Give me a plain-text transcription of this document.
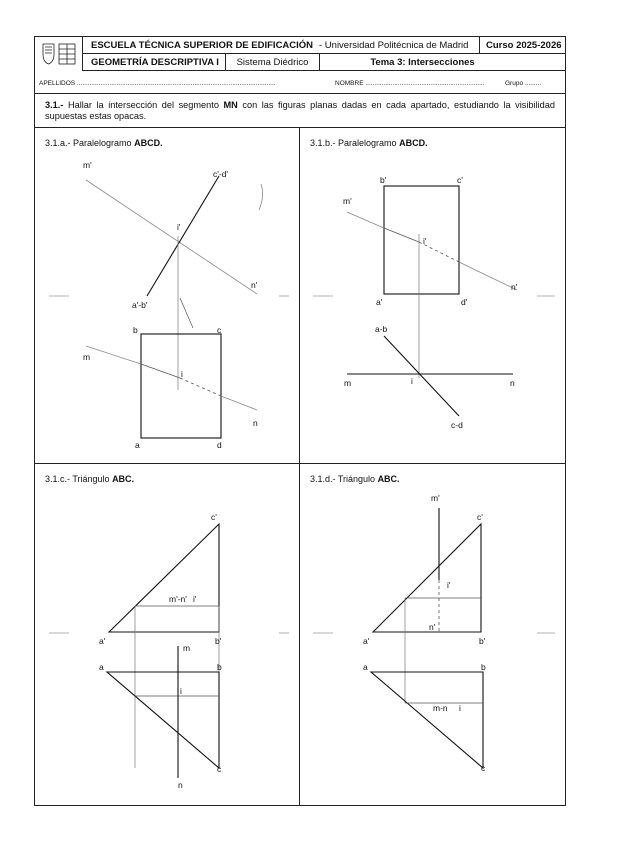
ESCUELA TÉCNICA SUPERIOR DE EDIFICACIÓN - Universidad Politécnica de Madrid	Curso 2025-2026
GEOMETRÍA DESCRIPTIVA I	Sistema Diédrico	Tema 3: Intersecciones
APELLIDOS ..............................................................................................................	NOMBRE ..................................................................	Grupo .........
3.1.- Hallar la intersección del segmento MN con las figuras planas dadas en cada apartado, estudiando la visibilidad supuestas estas opacas.
3.1.a.- Paralelogramo ABCD.	3.1.b.- Paralelogramo ABCD.
3.1.c.- Triángulo ABC.	3.1.d.- Triángulo ABC.
m'
c'-d'
a'-b'
n'
i'
b	c
m
i
a	d
n
b'	c'
m'
i'
a'	d'
n'
a-b
m	i	n
c-d
c'
m'-n' i'
a'	b'
m
a	b
i
c
n
m'
c'
i'
n'
a'	b'
a	b
m-n i
c
